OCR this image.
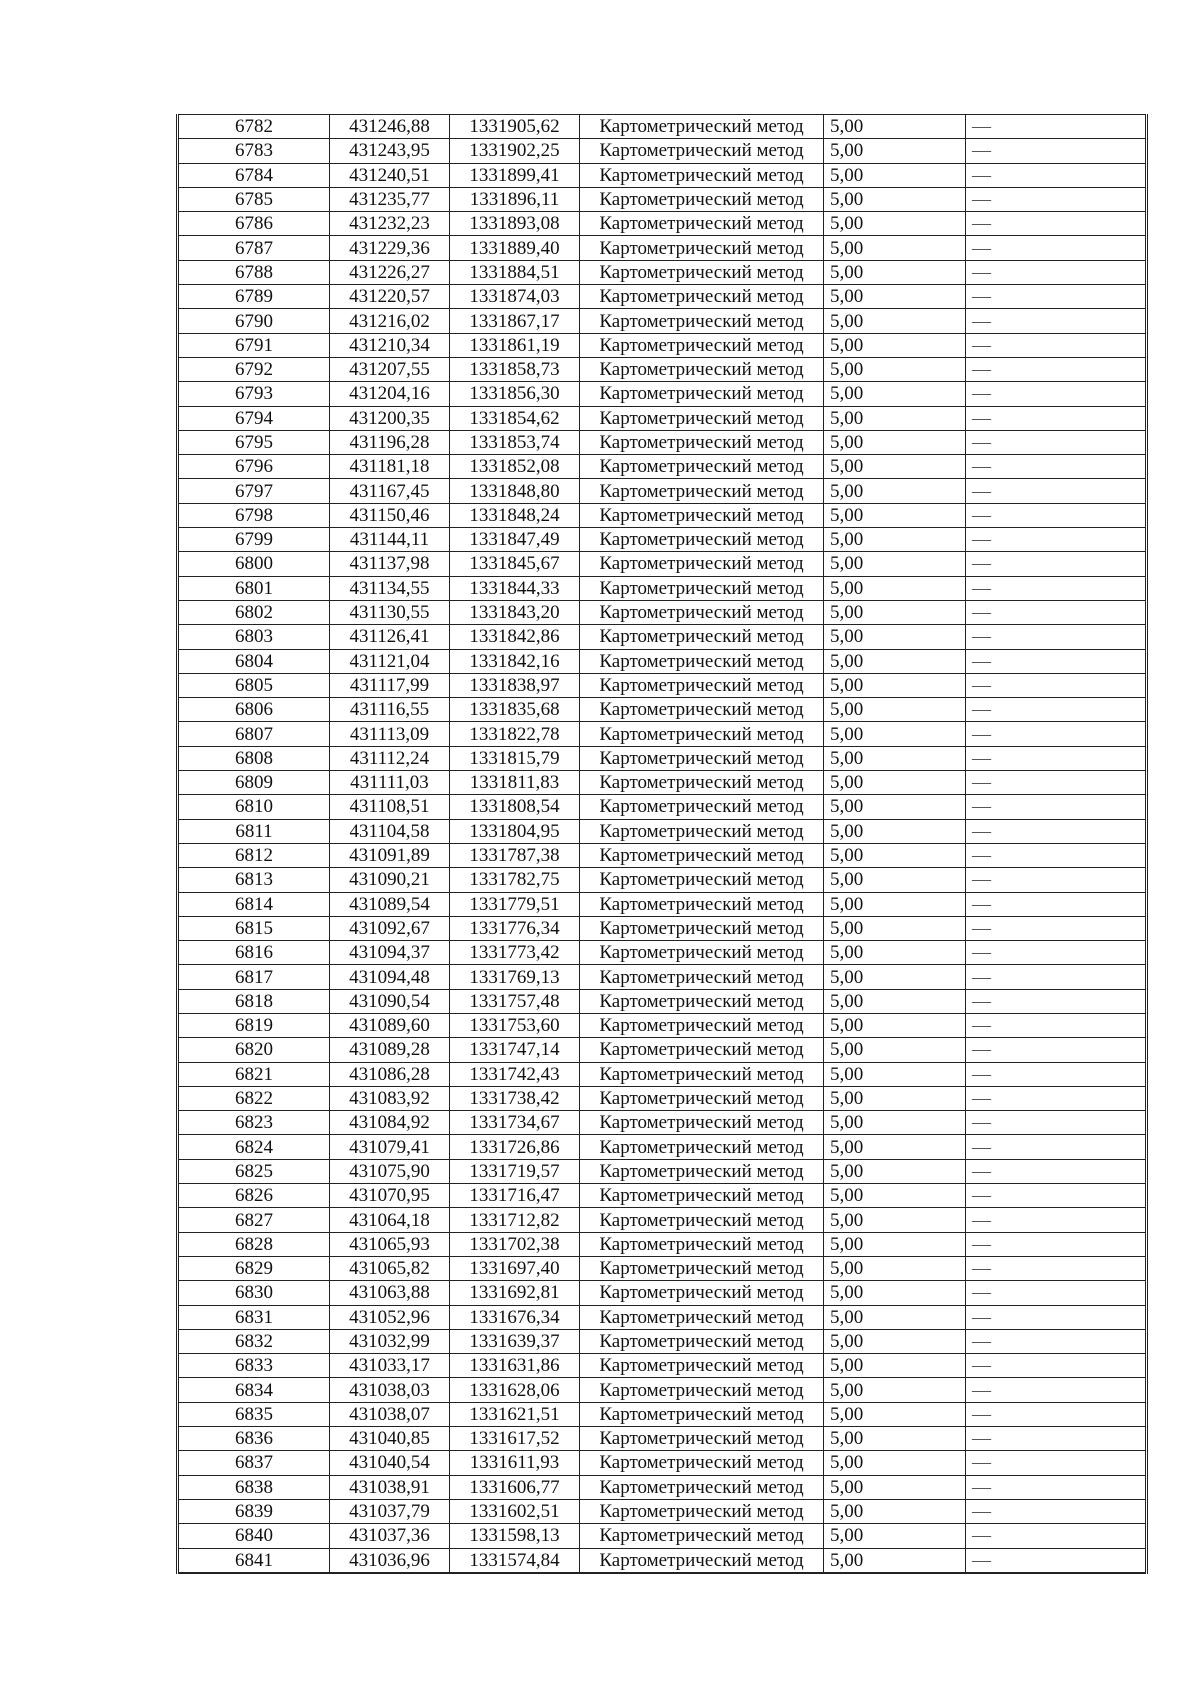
6782	431246,88	1331905,62	Картометрический метод	5,00	—
6783	431243,95	1331902,25	Картометрический метод	5,00	—
6784	431240,51	1331899,41	Картометрический метод	5,00	—
6785	431235,77	1331896,11	Картометрический метод	5,00	—
6786	431232,23	1331893,08	Картометрический метод	5,00	—
6787	431229,36	1331889,40	Картометрический метод	5,00	—
6788	431226,27	1331884,51	Картометрический метод	5,00	—
6789	431220,57	1331874,03	Картометрический метод	5,00	—
6790	431216,02	1331867,17	Картометрический метод	5,00	—
6791	431210,34	1331861,19	Картометрический метод	5,00	—
6792	431207,55	1331858,73	Картометрический метод	5,00	—
6793	431204,16	1331856,30	Картометрический метод	5,00	—
6794	431200,35	1331854,62	Картометрический метод	5,00	—
6795	431196,28	1331853,74	Картометрический метод	5,00	—
6796	431181,18	1331852,08	Картометрический метод	5,00	—
6797	431167,45	1331848,80	Картометрический метод	5,00	—
6798	431150,46	1331848,24	Картометрический метод	5,00	—
6799	431144,11	1331847,49	Картометрический метод	5,00	—
6800	431137,98	1331845,67	Картометрический метод	5,00	—
6801	431134,55	1331844,33	Картометрический метод	5,00	—
6802	431130,55	1331843,20	Картометрический метод	5,00	—
6803	431126,41	1331842,86	Картометрический метод	5,00	—
6804	431121,04	1331842,16	Картометрический метод	5,00	—
6805	431117,99	1331838,97	Картометрический метод	5,00	—
6806	431116,55	1331835,68	Картометрический метод	5,00	—
6807	431113,09	1331822,78	Картометрический метод	5,00	—
6808	431112,24	1331815,79	Картометрический метод	5,00	—
6809	431111,03	1331811,83	Картометрический метод	5,00	—
6810	431108,51	1331808,54	Картометрический метод	5,00	—
6811	431104,58	1331804,95	Картометрический метод	5,00	—
6812	431091,89	1331787,38	Картометрический метод	5,00	—
6813	431090,21	1331782,75	Картометрический метод	5,00	—
6814	431089,54	1331779,51	Картометрический метод	5,00	—
6815	431092,67	1331776,34	Картометрический метод	5,00	—
6816	431094,37	1331773,42	Картометрический метод	5,00	—
6817	431094,48	1331769,13	Картометрический метод	5,00	—
6818	431090,54	1331757,48	Картометрический метод	5,00	—
6819	431089,60	1331753,60	Картометрический метод	5,00	—
6820	431089,28	1331747,14	Картометрический метод	5,00	—
6821	431086,28	1331742,43	Картометрический метод	5,00	—
6822	431083,92	1331738,42	Картометрический метод	5,00	—
6823	431084,92	1331734,67	Картометрический метод	5,00	—
6824	431079,41	1331726,86	Картометрический метод	5,00	—
6825	431075,90	1331719,57	Картометрический метод	5,00	—
6826	431070,95	1331716,47	Картометрический метод	5,00	—
6827	431064,18	1331712,82	Картометрический метод	5,00	—
6828	431065,93	1331702,38	Картометрический метод	5,00	—
6829	431065,82	1331697,40	Картометрический метод	5,00	—
6830	431063,88	1331692,81	Картометрический метод	5,00	—
6831	431052,96	1331676,34	Картометрический метод	5,00	—
6832	431032,99	1331639,37	Картометрический метод	5,00	—
6833	431033,17	1331631,86	Картометрический метод	5,00	—
6834	431038,03	1331628,06	Картометрический метод	5,00	—
6835	431038,07	1331621,51	Картометрический метод	5,00	—
6836	431040,85	1331617,52	Картометрический метод	5,00	—
6837	431040,54	1331611,93	Картометрический метод	5,00	—
6838	431038,91	1331606,77	Картометрический метод	5,00	—
6839	431037,79	1331602,51	Картометрический метод	5,00	—
6840	431037,36	1331598,13	Картометрический метод	5,00	—
6841	431036,96	1331574,84	Картометрический метод	5,00	—
